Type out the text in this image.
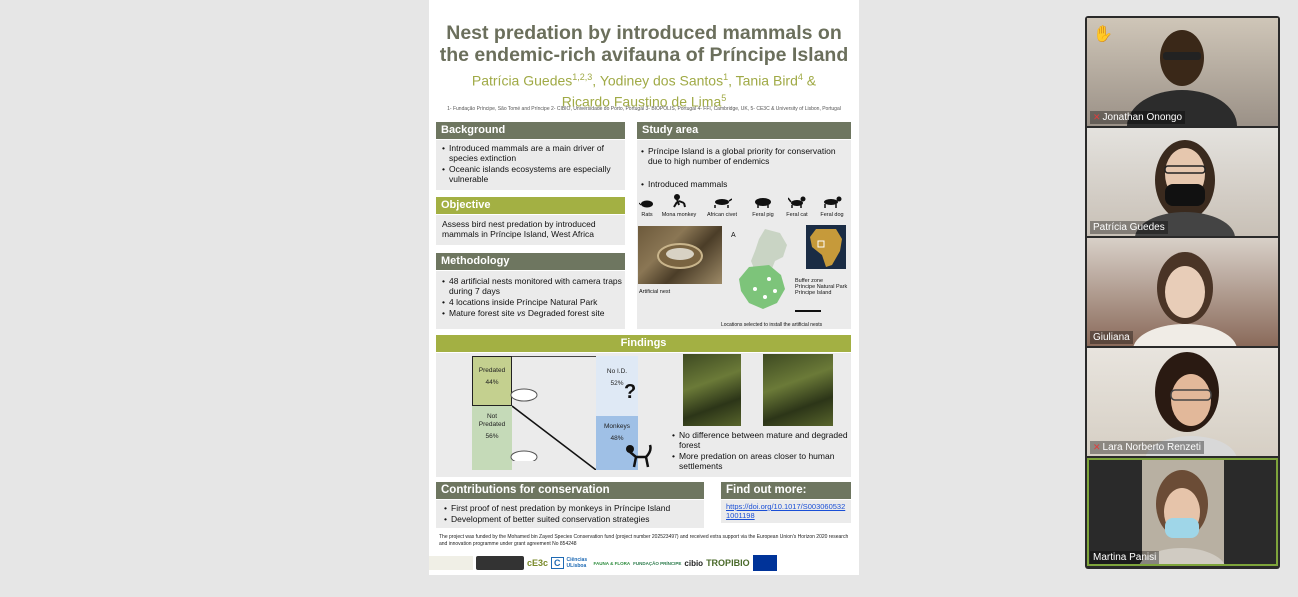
Nest predation by introduced mammals on
the endemic-rich avifauna of Príncipe Island
Patrícia Guedes$^{1,2,3}$, Yodiney dos Santos$^1$, Tania Bird$^4$ &
Ricardo Faustino de Lima$^5$
1- Fundação Príncipe, São Tomé and Príncipe 2- CIBIO, Universidade do Porto, Portugal 3- BIOPOLIS, Portugal 4- FFI, Cambridge, UK, 5- CE3C & University of Lisbon, Portugal
Background
• Introduced mammals are a main driver of species extinction
• Oceanic islands ecosystems are especially vulnerable
Objective
Assess bird nest predation by introduced mammals in Príncipe Island, West Africa
Methodology
• 48 artificial nests monitored with camera traps during 7 days
• 4 locations inside Príncipe Natural Park
• Mature forest site vs Degraded forest site
Study area
• Príncipe Island is a global priority for conservation due to high number of endemics
• Introduced mammals
Rats	Mona monkey	African civet	Feral pig	Feral cat	Feral dog
Artificial nest
A
Buffer zone
Príncipe Natural Park
Príncipe Island
Locations selected to install the artificial nests
Findings
Predated
44%
Not
Predated
56%
No I.D.
52% ?
Monkeys
48%
•	No difference between mature and degraded forest
• More predation on areas closer to human settlements
Contributions for conservation
• First proof of nest predation by monkeys in Príncipe Island
• Development of better suited conservation strategies
Find out more:
https://doi.org/10.1017/S0030605321001198
The project was funded by the Mohamed bin Zayed Species Conservation fund (project number 202523497) and received extra support via the European Union's Horizon 2020 research and innovation programme under grant agreement No 854248
cE3c C	Ciências ULisboa	FAUNA & FLORA FUNDAÇÃO PRÍNCIPE cibio TROPIBIO
✋
✕ Jonathan Onongo
Patrícia Guedes
Giuliana
✕ Lara Norberto Renzeti
Martina Panisi
